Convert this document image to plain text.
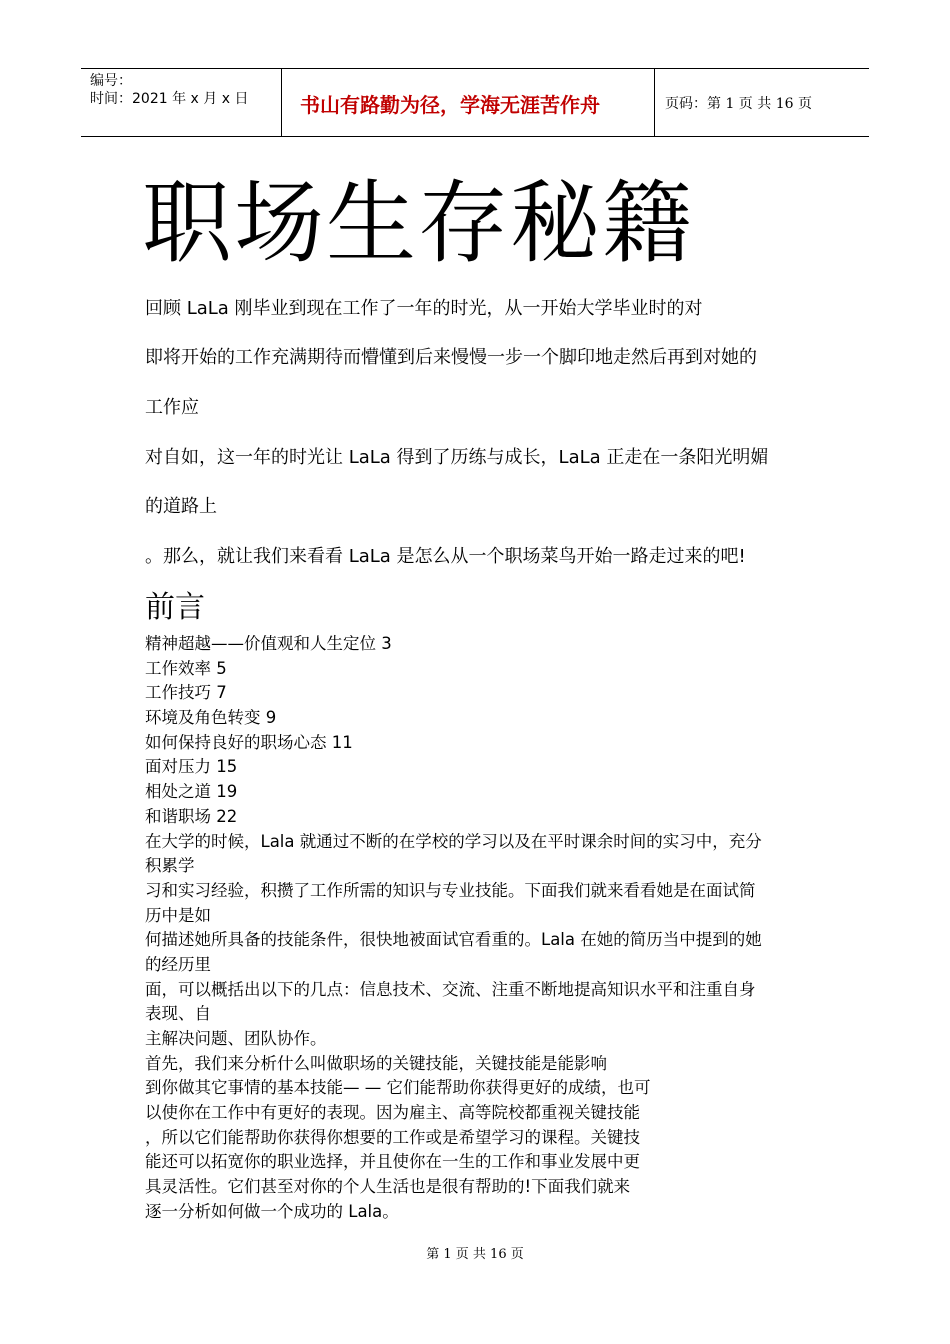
编号：
时间：2021 年 x 月 x 日	书山有路勤为径，学海无涯苦作舟	页码：第 1 页 共 16 页
职场生存秘籍
回顾 LaLa 刚毕业到现在工作了一年的时光，从一开始大学毕业时的对
即将开始的工作充满期待而懵懂到后来慢慢一步一个脚印地走然后再到对她的
工作应
对自如，这一年的时光让 LaLa 得到了历练与成长，LaLa 正走在一条阳光明媚
的道路上
。那么，就让我们来看看 LaLa 是怎么从一个职场菜鸟开始一路走过来的吧!
前言
精神超越——价值观和人生定位 3
工作效率 5
工作技巧 7
环境及角色转变 9
如何保持良好的职场心态 11
面对压力 15
相处之道 19
和谐职场 22
在大学的时候，Lala 就通过不断的在学校的学习以及在平时课余时间的实习中，充分
积累学
习和实习经验，积攒了工作所需的知识与专业技能。下面我们就来看看她是在面试简
历中是如
何描述她所具备的技能条件，很快地被面试官看重的。Lala 在她的简历当中提到的她
的经历里
面，可以概括出以下的几点：信息技术、交流、注重不断地提高知识水平和注重自身
表现、自
主解决问题、团队协作。
首先，我们来分析什么叫做职场的关键技能，关键技能是能影响
到你做其它事情的基本技能— — 它们能帮助你获得更好的成绩，也可
以使你在工作中有更好的表现。因为雇主、高等院校都重视关键技能
，所以它们能帮助你获得你想要的工作或是希望学习的课程。关键技
能还可以拓宽你的职业选择，并且使你在一生的工作和事业发展中更
具灵活性。它们甚至对你的个人生活也是很有帮助的!下面我们就来
逐一分析如何做一个成功的 Lala。
第 1 页 共 16 页
